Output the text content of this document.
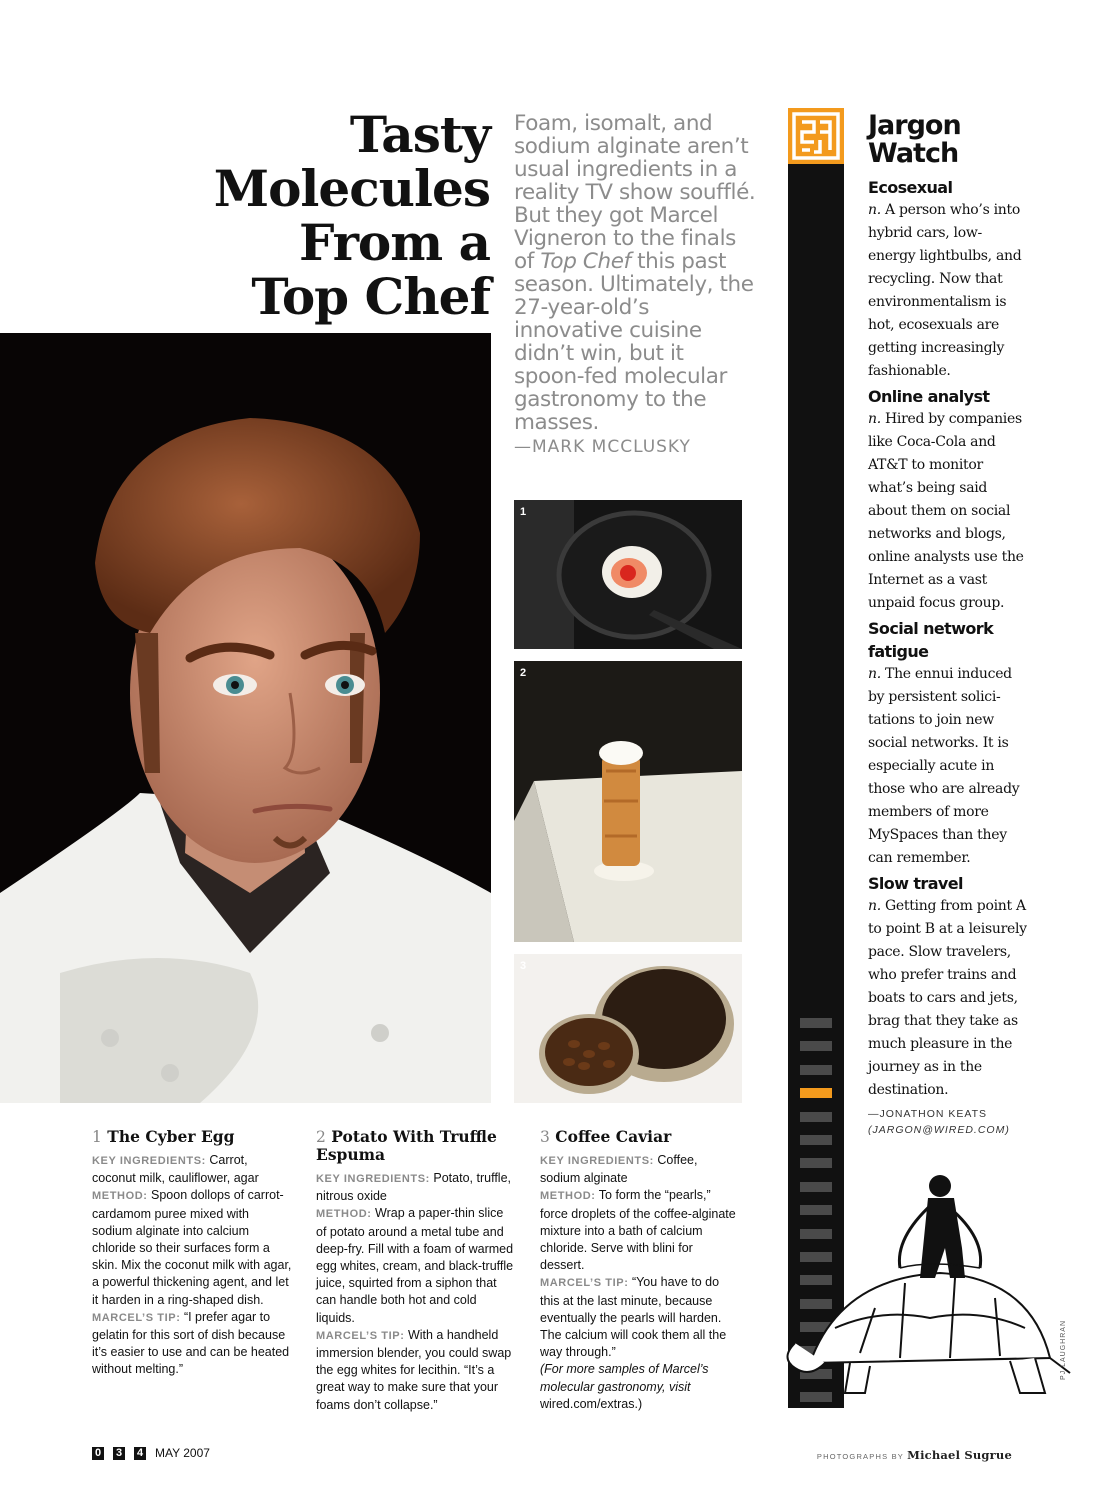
Tasty
Molecules
From a
Top Chef
Foam, isomalt, and sodium alginate aren’t usual ingredients in a reality TV show soufflé. But they got Marcel Vigneron to the finals of Top Chef this past season. Ultimately, the 27-year-old’s innovative cuisine didn’t win, but it spoon-fed molecular gastronomy to the masses.
—MARK MCCLUSKY
1
2
3
1 The Cyber Egg
KEY INGREDIENTS: Carrot, coconut milk, cauliflower, agar
METHOD: Spoon dollops of carrot-cardamom puree mixed with sodium alginate into calcium chloride so their surfaces form a skin. Mix the coconut milk with agar, a powerful thickening agent, and let it harden in a ring-shaped dish.
MARCEL’S TIP: “I prefer agar to gelatin for this sort of dish because it’s easier to use and can be heated without melting.”
2 Potato With Truffle Espuma
KEY INGREDIENTS: Potato, truffle, nitrous oxide
METHOD: Wrap a paper-thin slice of potato around a metal tube and deep-fry. Fill with a foam of warmed egg whites, cream, and black-truffle juice, squirted from a siphon that can handle both hot and cold liquids.
MARCEL’S TIP: With a handheld immersion blender, you could swap the egg whites for lecithin. “It’s a great way to make sure that your foams don’t collapse.”
3 Coffee Caviar
KEY INGREDIENTS: Coffee, sodium alginate
METHOD: To form the “pearls,” force droplets of the coffee-alginate mixture into a bath of calcium chloride. Serve with blini for dessert.
MARCEL’S TIP: “You have to do this at the last minute, because eventually the pearls will harden. The calcium will cook them all the way through.”
(For more samples of Marcel’s molecular gastronomy, visit wired.com/extras.)
0 3 4 MAY 2007	PHOTOGRAPHS BY Michael Sugrue
Jargon
Watch
Ecosexual

n. A person who’s into hybrid cars, low-energy lightbulbs, and recycling. Now that environmentalism is hot, ecosexuals are getting increasingly fashionable.

Online analyst

n. Hired by companies like Coca-Cola and AT&T to monitor what’s being said about them on social networks and blogs, online analysts use the Internet as a vast unpaid focus group.

Social network fatigue

n. The ennui induced by persistent solicitations to join new social networks. It is especially acute in those who are already members of more MySpaces than they can remember.

Slow travel

n. Getting from point A to point B at a leisurely pace. Slow travelers, who prefer trains and boats to cars and jets, brag that they take as much pleasure in the journey as in the destination.

—JONATHON KEATS
(JARGON@WIRED.COM)
PJ LAUGHRAN
